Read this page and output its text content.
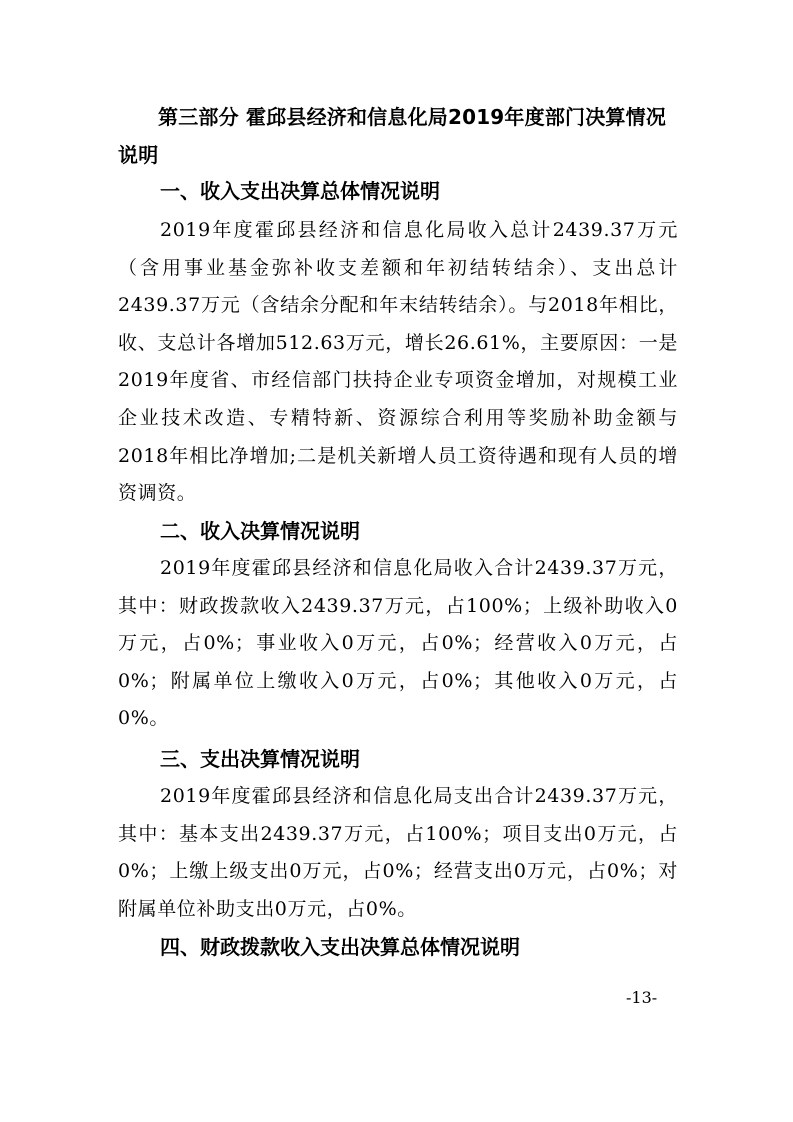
第三部分 霍邱县经济和信息化局2019年度部门决算情况说明
一、收入支出决算总体情况说明
2019年度霍邱县经济和信息化局收入总计2439.37万元（含用事业基金弥补收支差额和年初结转结余）、支出总计2439.37万元（含结余分配和年末结转结余）。与2018年相比，收、支总计各增加512.63万元，增长26.61%，主要原因：一是2019年度省、市经信部门扶持企业专项资金增加，对规模工业企业技术改造、专精特新、资源综合利用等奖励补助金额与2018年相比净增加;二是机关新增人员工资待遇和现有人员的增资调资。
二、收入决算情况说明
2019年度霍邱县经济和信息化局收入合计2439.37万元，其中：财政拨款收入2439.37万元，占100%；上级补助收入0万元，占0%；事业收入0万元，占0%；经营收入0万元，占0%；附属单位上缴收入0万元，占0%；其他收入0万元，占0%。
三、支出决算情况说明
2019年度霍邱县经济和信息化局支出合计2439.37万元，其中：基本支出2439.37万元，占100%；项目支出0万元，占0%；上缴上级支出0万元，占0%；经营支出0万元，占0%；对附属单位补助支出0万元，占0%。
四、财政拨款收入支出决算总体情况说明
-13-
